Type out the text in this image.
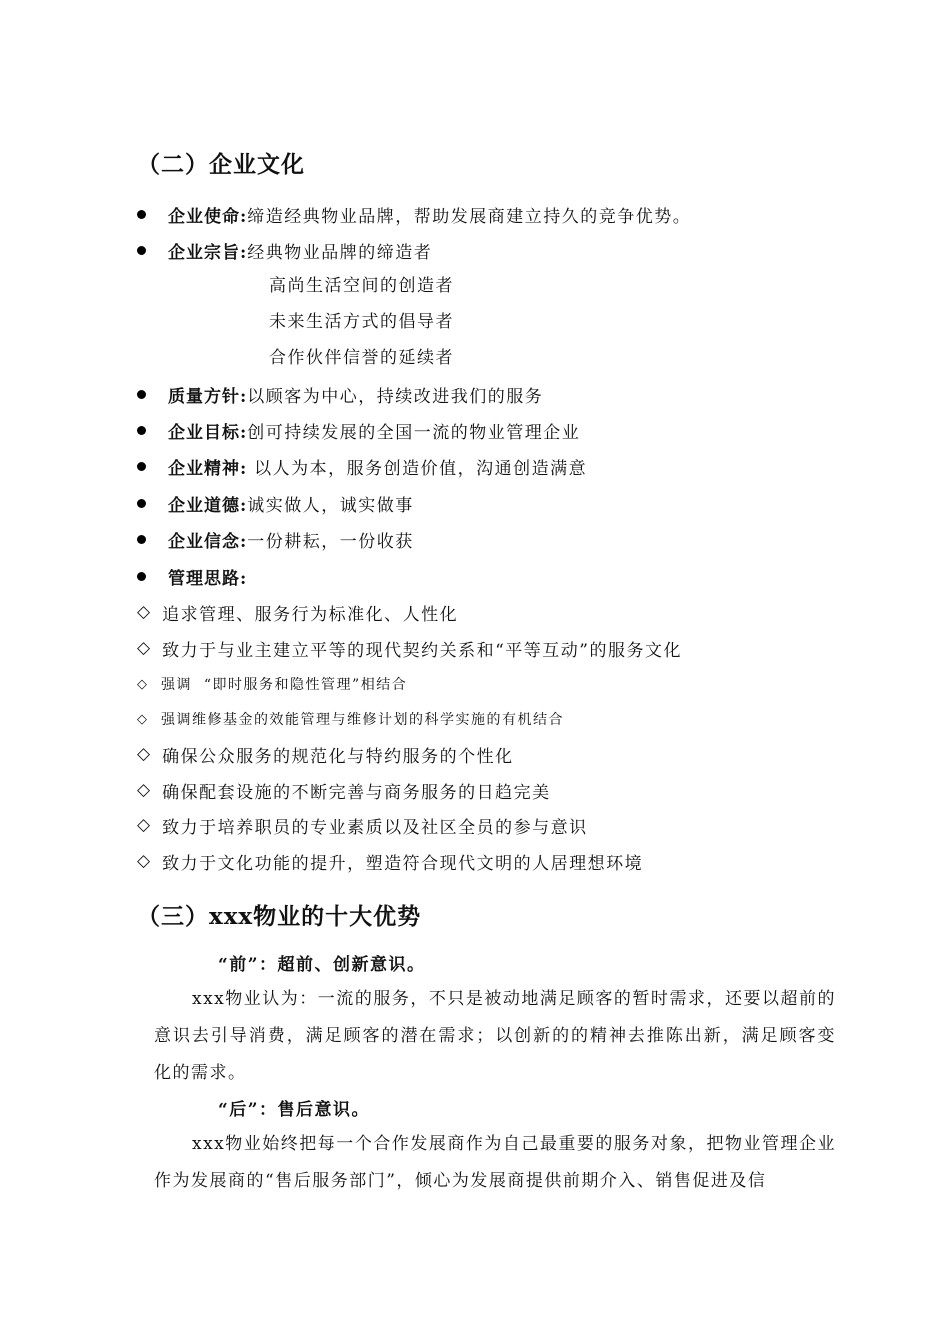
（二）企业文化
企业使命: 缔造经典物业品牌，帮助发展商建立持久的竞争优势。
企业宗旨: 经典物业品牌的缔造者
高尚生活空间的创造者
未来生活方式的倡导者
合作伙伴信誉的延续者
质量方针: 以顾客为中心，持续改进我们的服务
企业目标: 创可持续发展的全国一流的物业管理企业
企业精神: 以人为本，服务创造价值，沟通创造满意
企业道德: 诚实做人，诚实做事
企业信念: 一份耕耘，一份收获
管理思路:
◇ 追求管理、服务行为标准化、人性化
◇ 致力于与业主建立平等的现代契约关系和“平等互动”的服务文化
◇ 强调  “即时服务和隐性管理”相结合
◇ 强调维修基金的效能管理与维修计划的科学实施的有机结合
◇ 确保公众服务的规范化与特约服务的个性化
◇ 确保配套设施的不断完善与商务服务的日趋完美
◇ 致力于培养职员的专业素质以及社区全员的参与意识
◇ 致力于文化功能的提升，塑造符合现代文明的人居理想环境
（三）xxx物业的十大优势
“前”：超前、创新意识。
xxx物业认为：一流的服务，不只是被动地满足顾客的暂时需求，还要以超前的意识去引导消费，满足顾客的潜在需求；以创新的的精神去推陈出新，满足顾客变化的需求。
“后”：售后意识。
xxx物业始终把每一个合作发展商作为自己最重要的服务对象，把物业管理企业作为发展商的“售后服务部门”，倾心为发展商提供前期介入、销售促进及信
